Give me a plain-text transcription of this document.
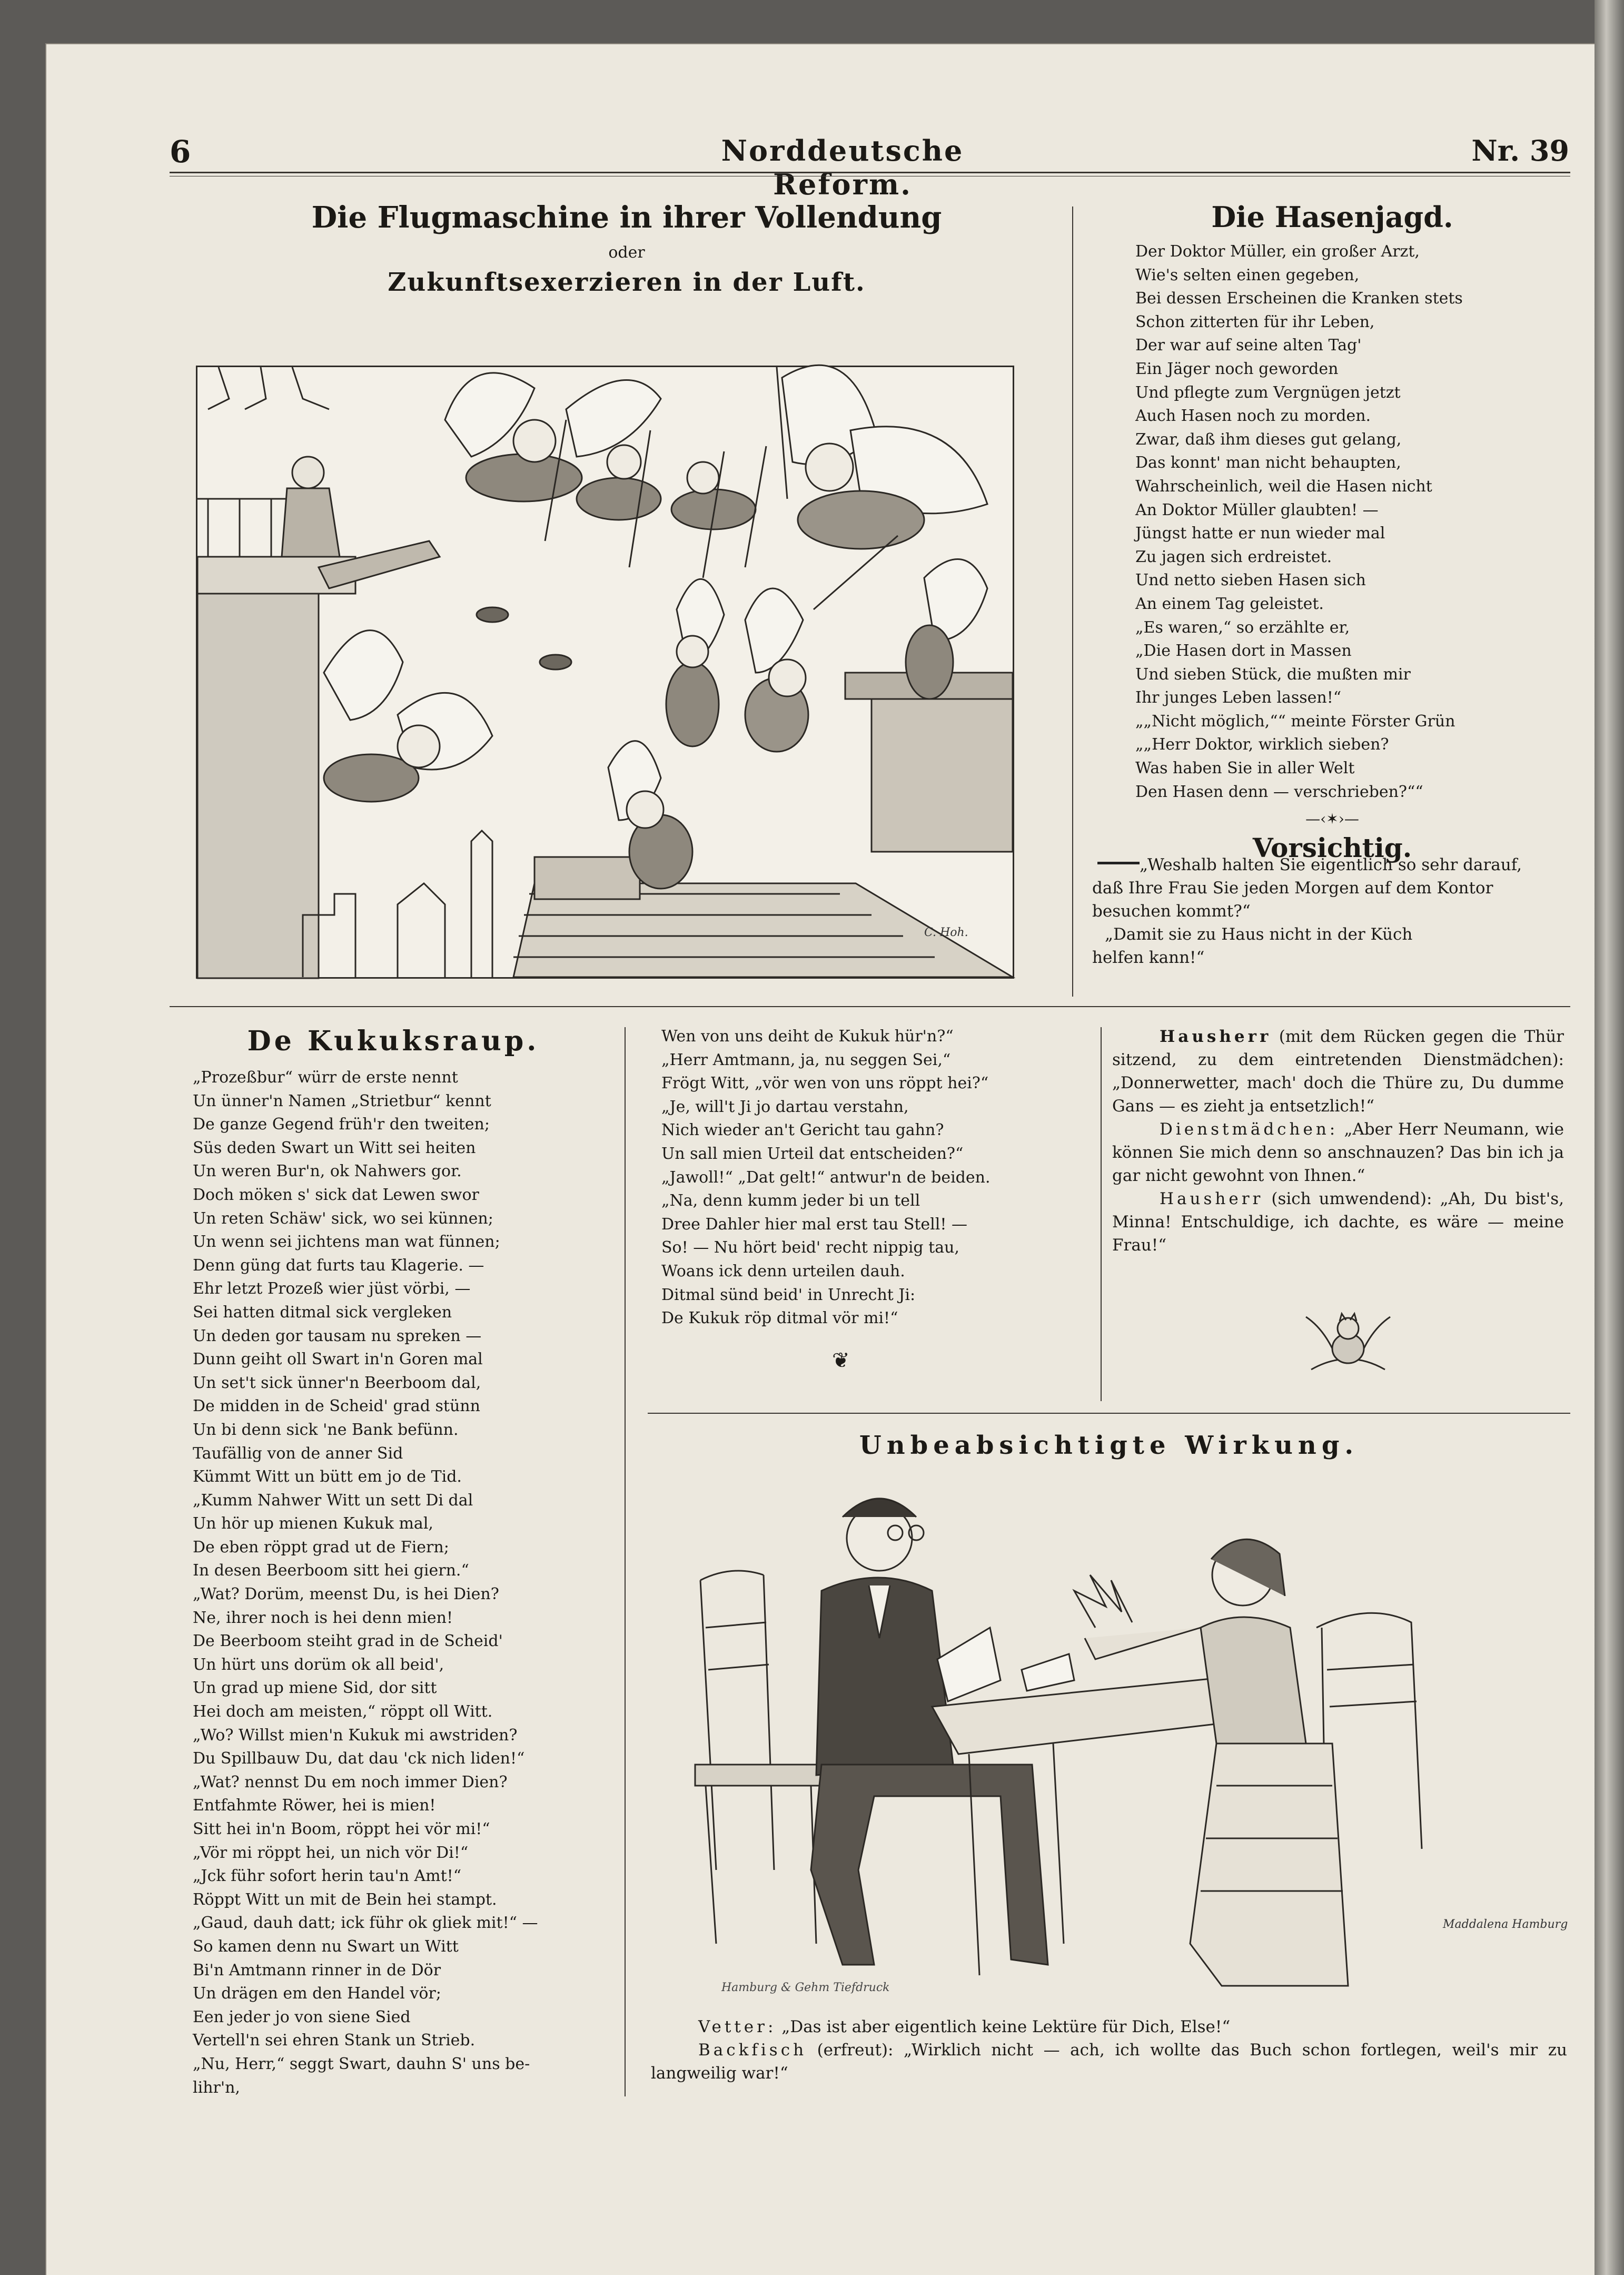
6	Norddeutsche Reform.
Nr. 39
Die Flugmaschine in ihrer Vollendung
oder
Zukunftsexerzieren in der Luft.
C. Hoh.
Die Hasenjagd.
Der Doktor Müller, ein großer Arzt,
Wie's selten einen gegeben,
Bei dessen Erscheinen die Kranken stets
Schon zitterten für ihr Leben,
Der war auf seine alten Tag'
Ein Jäger noch geworden
Und pflegte zum Vergnügen jetzt
Auch Hasen noch zu morden.
Zwar, daß ihm dieses gut gelang,
Das konnt' man nicht behaupten,
Wahrscheinlich, weil die Hasen nicht
An Doktor Müller glaubten! —
Jüngst hatte er nun wieder mal
Zu jagen sich erdreistet.
Und netto sieben Hasen sich
An einem Tag geleistet.
„Es waren,“ so erzählte er,
„Die Hasen dort in Massen
Und sieben Stück, die mußten mir
Ihr junges Leben lassen!“
„„Nicht möglich,““ meinte Förster Grün
„„Herr Doktor, wirklich sieben?
Was haben Sie in aller Welt
Den Hasen denn — verschrieben?““
—‹✶›—
Vorsichtig.

„Weshalb halten Sie eigentlich so sehr darauf,

daß Ihre Frau Sie jeden Morgen auf dem Kontor

besuchen kommt?“

„Damit sie zu Haus nicht in der Küch

helfen kann!“

De Kukuksraup.
„Prozeßbur“ würr de erste nennt
Un ünner'n Namen „Strietbur“ kennt
De ganze Gegend früh'r den tweiten;
Süs deden Swart un Witt sei heiten
Un weren Bur'n, ok Nahwers gor.
Doch möken s' sick dat Lewen swor
Un reten Schäw' sick, wo sei künnen;
Un wenn sei jichtens man wat fünnen;
Denn güng dat furts tau Klagerie. —
Ehr letzt Prozeß wier jüst vörbi, —
Sei hatten ditmal sick vergleken
Un deden gor tausam nu spreken —
Dunn geiht oll Swart in'n Goren mal
Un set't sick ünner'n Beerboom dal,
De midden in de Scheid' grad stünn
Un bi denn sick 'ne Bank befünn.
Taufällig von de anner Sid
Kümmt Witt un bütt em jo de Tid.
„Kumm Nahwer Witt un sett Di dal
Un hör up mienen Kukuk mal,
De eben röppt grad ut de Fiern;
In desen Beerboom sitt hei giern.“
„Wat? Dorüm, meenst Du, is hei Dien?
Ne, ihrer noch is hei denn mien!
De Beerboom steiht grad in de Scheid'
Un hürt uns dorüm ok all beid',
Un grad up miene Sid, dor sitt
Hei doch am meisten,“ röppt oll Witt.
„Wo? Willst mien'n Kukuk mi awstriden?
Du Spillbauw Du, dat dau 'ck nich liden!“
„Wat? nennst Du em noch immer Dien?
Entfahmte Röwer, hei is mien!
Sitt hei in'n Boom, röppt hei vör mi!“
„Vör mi röppt hei, un nich vör Di!“
„Jck führ sofort herin tau'n Amt!“
Röppt Witt un mit de Bein hei stampt.
„Gaud, dauh datt; ick führ ok gliek mit!“ —
So kamen denn nu Swart un Witt
Bi'n Amtmann rinner in de Dör
Un drägen em den Handel vör;
Een jeder jo von siene Sied
Vertell'n sei ehren Stank un Strieb.
„Nu, Herr,“ seggt Swart, dauhn S' uns be-
lihr'n,
Wen von uns deiht de Kukuk hür'n?“
„Herr Amtmann, ja, nu seggen Sei,“
Frögt Witt, „vör wen von uns röppt hei?“
„Je, will't Ji jo dartau verstahn,
Nich wieder an't Gericht tau gahn?
Un sall mien Urteil dat entscheiden?“
„Jawoll!“ „Dat gelt!“ antwur'n de beiden.
„Na, denn kumm jeder bi un tell
Dree Dahler hier mal erst tau Stell! —
So! — Nu hört beid' recht nippig tau,
Woans ick denn urteilen dauh.
Ditmal sünd beid' in Unrecht Ji:
De Kukuk röp ditmal vör mi!“
❦

Hausherr (mit dem Rücken gegen die Thür sitzend, zu dem eintretenden Dienstmädchen): „Donnerwetter, mach' doch die Thüre zu, Du dumme Gans — es zieht ja entsetzlich!“

Dienstmädchen: „Aber Herr Neumann, wie können Sie mich denn so anschnauzen? Das bin ich ja gar nicht gewohnt von Ihnen.“

Hausherr (sich umwendend): „Ah, Du bist's, Minna! Entschuldige, ich dachte, es wäre — meine Frau!“

Unbeabsichtigte Wirkung.
Maddalena Hamburg
Hamburg & Gehm Tiefdruck

Vetter: „Das ist aber eigentlich keine Lektüre für Dich, Else!“

Backfisch (erfreut): „Wirklich nicht — ach, ich wollte das Buch schon fortlegen, weil's mir zu langweilig war!“
